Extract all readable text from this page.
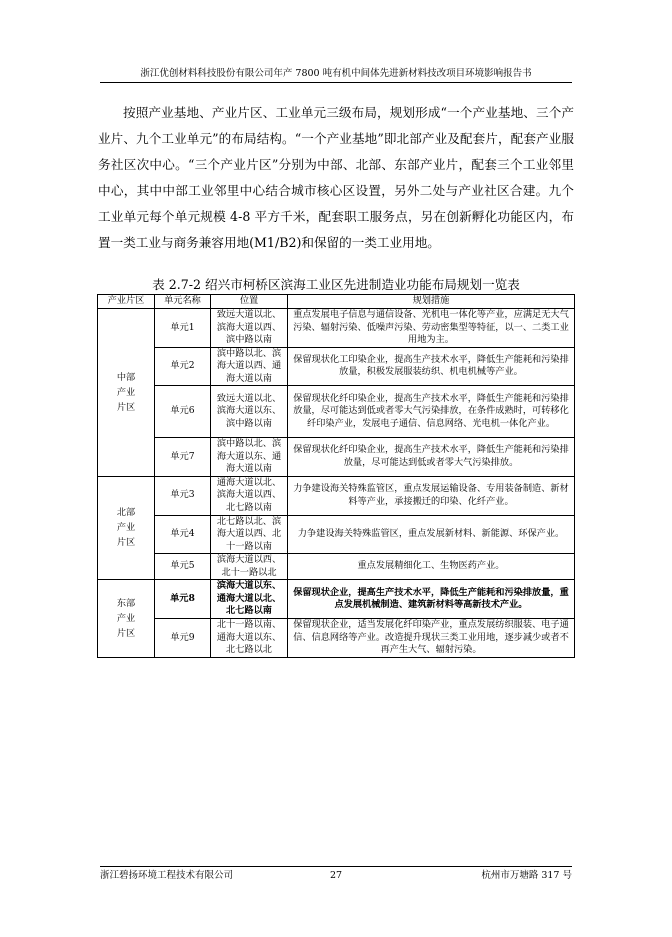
浙江优创材料科技股份有限公司年产 7800 吨有机中间体先进新材料技改项目环境影响报告书

按照产业基地、产业片区、工业单元三级布局，规划形成“一个产业基地、三个产业片、九个工业单元”的布局结构。“一个产业基地”即北部产业及配套片，配套产业服务社区次中心。“三个产业片区”分别为中部、北部、东部产业片，配套三个工业邻里中心，其中中部工业邻里中心结合城市核心区设置，另外二处与产业社区合建。九个工业单元每个单元规模 4-8 平方千米，配套职工服务点，另在创新孵化功能区内，布置一类工业与商务兼容用地(M1/B2)和保留的一类工业用地。

表 2.7-2 绍兴市柯桥区滨海工业区先进制造业功能布局规划一览表
产业片区	单元名称	位置	规划措施

中部产业片区	单元1	致远大道以北、滨海大道以西、滨中路以南	重点发展电子信息与通信设备、光机电一体化等产业，应满足无大气污染、辐射污染、低噪声污染、劳动密集型等特征，以一、二类工业用地为主。
	单元2	滨中路以北、滨海大道以西、通海大道以南	保留现状化工印染企业，提高生产技术水平，降低生产能耗和污染排放量，积极发展服装纺织、机电机械等产业。
	单元6	致远大道以北、滨海大道以东、滨中路以南	保留现状化纤印染企业，提高生产技术水平，降低生产能耗和污染排放量，尽可能达到低或者零大气污染排放，在条件成熟时，可转移化纤印染产业，发展电子通信、信息网络、光电机一体化产业。
	单元7	滨中路以北、滨海大道以东、通海大道以南	保留现状化纤印染企业，提高生产技术水平，降低生产能耗和污染排放量，尽可能达到低或者零大气污染排放。

北部产业片区	单元3	通海大道以北、滨海大道以西、北七路以南	力争建设海关特殊监管区，重点发展运输设备、专用装备制造、新材料等产业，承接搬迁的印染、化纤产业。
	单元4	北七路以北、滨海大道以西、北十一路以南	力争建设海关特殊监管区，重点发展新材料、新能源、环保产业。
	单元5	滨海大道以西、北十一路以北	重点发展精细化工、生物医药产业。

东部产业片区	单元8	滨海大道以东、通海大道以北、北七路以南	保留现状企业，提高生产技术水平，降低生产能耗和污染排放量，重点发展机械制造、建筑新材料等高新技术产业。
	单元9	北十一路以南、通海大道以东、北七路以北	保留现状企业，适当发展化纤印染产业，重点发展纺织服装、电子通信、信息网络等产业。改造提升现状三类工业用地，逐步减少或者不再产生大气、辐射污染。
浙江碧扬环境工程技术有限公司	27	杭州市万塘路 317 号
